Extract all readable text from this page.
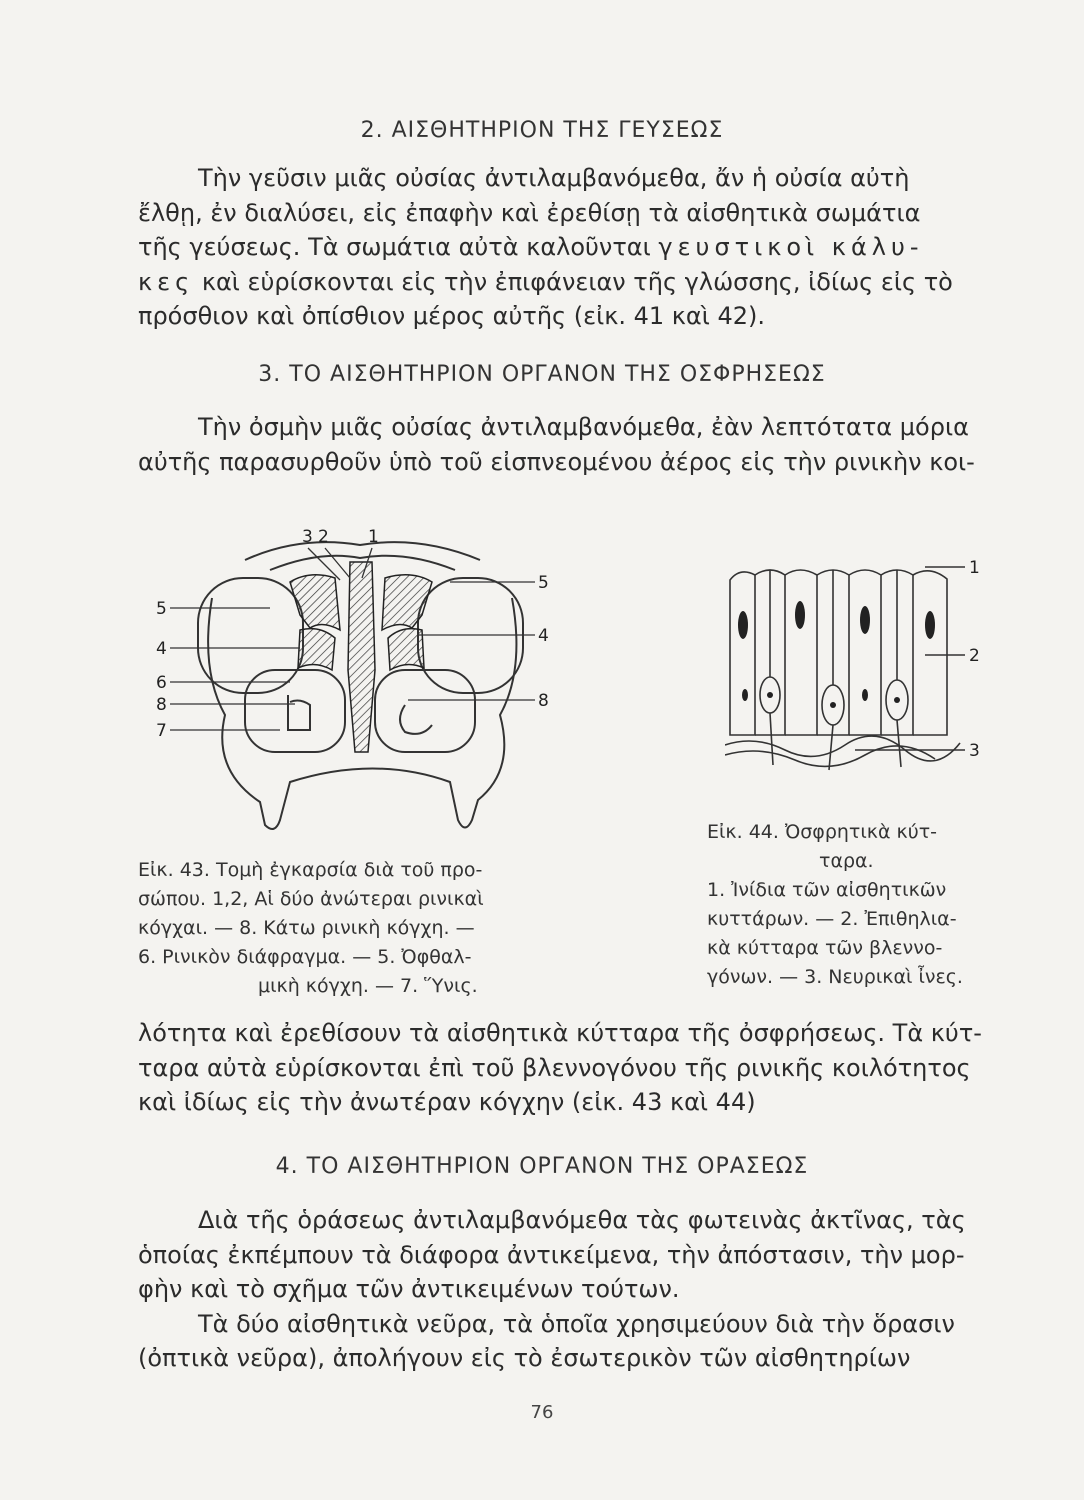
2. ΑΙΣΘΗΤΗΡΙΟΝ ΤΗΣ ΓΕΥΣΕΩΣ
Τὴν γεῦσιν μιᾶς οὐσίας ἀντιλαμβανόμεθα, ἄν ἡ οὐσία αὐτὴ
ἔλθῃ, ἐν διαλύσει, εἰς ἐπαφὴν καὶ ἐρεθίσῃ τὰ αἰσθητικὰ σωμάτια
τῆς γεύσεως. Τὰ σωμάτια αὐτὰ καλοῦνται γευστικοὶ κάλυ-
κες καὶ εὑρίσκονται εἰς τὴν ἐπιφάνειαν τῆς γλώσσης, ἰδίως εἰς τὸ
πρόσθιον καὶ ὀπίσθιον μέρος αὐτῆς (εἰκ. 41 καὶ 42).
3. ΤΟ ΑΙΣΘΗΤΗΡΙΟΝ ΟΡΓΑΝΟΝ ΤΗΣ ΟΣΦΡΗΣΕΩΣ
Τὴν ὀσμὴν μιᾶς οὐσίας ἀντιλαμβανόμεθα, ἐὰν λεπτότατα μόρια
αὐτῆς παρασυρθοῦν ὑπὸ τοῦ εἰσπνεομένου ἀέρος εἰς τὴν ρινικὴν κοι-
3 2 1
5
4
6
8
7
5
4
8
1
2
3
Εἰκ. 43. Τομὴ ἐγκαρσία διὰ τοῦ προ-
σώπου. 1,2, Αἱ δύο ἀνώτεραι ρινικαὶ
κόγχαι. — 8. Κάτω ρινικὴ κόγχη. —
6. Ρινικὸν διάφραγμα. — 5. Ὀφθαλ-
μικὴ κόγχη. — 7. Ὕνις.
Εἰκ. 44. Ὀσφρητικὰ κύτ-
ταρα.
1. Ἰνίδια τῶν αἰσθητικῶν
κυττάρων. — 2. Ἐπιθηλια-
κὰ κύτταρα τῶν βλεννο-
γόνων. — 3. Νευρικαὶ ἶνες.
λότητα καὶ ἐρεθίσουν τὰ αἰσθητικὰ κύτταρα τῆς ὀσφρήσεως. Τὰ κύτ-
ταρα αὐτὰ εὑρίσκονται ἐπὶ τοῦ βλεννογόνου τῆς ρινικῆς κοιλότητος
καὶ ἰδίως εἰς τὴν ἀνωτέραν κόγχην (εἰκ. 43 καὶ 44)
4. ΤΟ ΑΙΣΘΗΤΗΡΙΟΝ ΟΡΓΑΝΟΝ ΤΗΣ ΟΡΑΣΕΩΣ
Διὰ τῆς ὁράσεως ἀντιλαμβανόμεθα τὰς φωτεινὰς ἀκτῖνας, τὰς
ὁποίας ἐκπέμπουν τὰ διάφορα ἀντικείμενα, τὴν ἀπόστασιν, τὴν μορ-
φὴν καὶ τὸ σχῆμα τῶν ἀντικειμένων τούτων.
Τὰ δύο αἰσθητικὰ νεῦρα, τὰ ὁποῖα χρησιμεύουν διὰ τὴν ὅρασιν
(ὀπτικὰ νεῦρα), ἀπολήγουν εἰς τὸ ἐσωτερικὸν τῶν αἰσθητηρίων
76
